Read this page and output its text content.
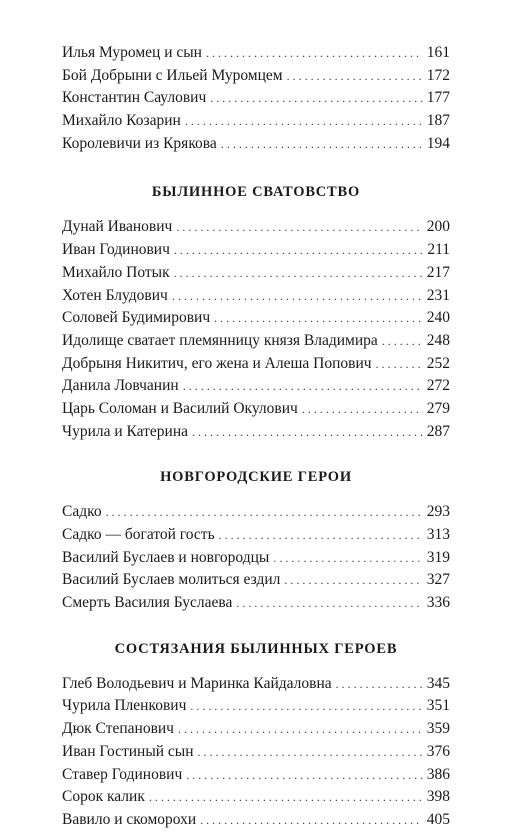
Илья Муромец и сын . . .	161
Бой Добрыни с Ильей Муромцем . . .	172
Константин Саулович . . .	177
Михайло Козарин . . .	187
Королевичи из Крякова . . .	194
БЫЛИННОЕ СВАТОВСТВО
Дунай Иванович . . .	200
Иван Годинович . . .	211
Михайло Потык . . .	217
Хотен Блудович . . .	231
Соловей Будимирович . . .	240
Идолище сватает племянницу князя Владимира . . .	248
Добрыня Никитич, его жена и Алеша Попович . . .	252
Данила Ловчанин . . .	272
Царь Соломан и Василий Окулович . . .	279
Чурила и Катерина . . .	287
НОВГОРОДСКИЕ ГЕРОИ
Садко . . .	293
Садко — богатой гость . . .	313
Василий Буслаев и новгородцы . . .	319
Василий Буслаев молиться ездил . . .	327
Смерть Василия Буслаева . . .	336
СОСТЯЗАНИЯ БЫЛИННЫХ ГЕРОЕВ
Глеб Володьевич и Маринка Кайдаловна . . .	345
Чурила Пленкович . . .	351
Дюк Степанович . . .	359
Иван Гостиный сын . . .	376
Ставер Годинович . . .	386
Сорок калик . . .	398
Вавило и скоморохи . . .	405
